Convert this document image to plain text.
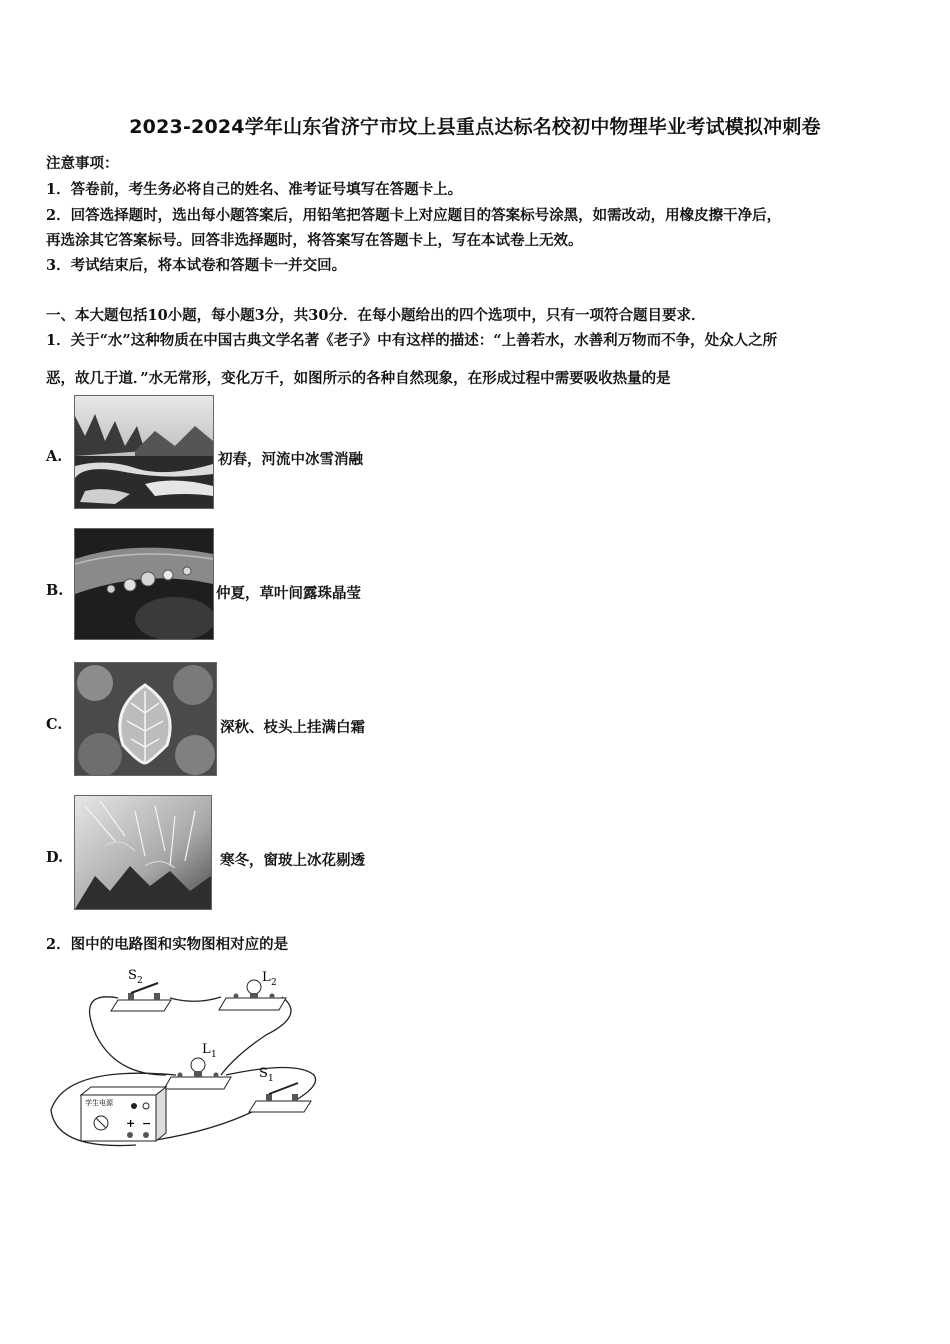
2023-2024学年山东省济宁市坟上县重点达标名校初中物理毕业考试模拟冲刺卷
注意事项：
1．答卷前，考生务必将自己的姓名、准考证号填写在答题卡上。
2．回答选择题时，选出每小题答案后，用铅笔把答题卡上对应题目的答案标号涂黑，如需改动，用橡皮擦干净后，
再选涂其它答案标号。回答非选择题时，将答案写在答题卡上，写在本试卷上无效。
3．考试结束后，将本试卷和答题卡一并交回。
一、本大题包括10小题，每小题3分，共30分．在每小题给出的四个选项中，只有一项符合题目要求．
1．关于“水”这种物质在中国古典文学名著《老子》中有这样的描述：“上善若水，水善利万物而不争，处众人之所
恶，故几于道．”水无常形，变化万千，如图所示的各种自然现象，在形成过程中需要吸收热量的是
A.	初春，河流中冰雪消融
B.	仲夏，草叶间露珠晶莹
C.	深秋、枝头上挂满白霜
D.	寒冬，窗玻上冰花剔透
2．图中的电路图和实物图相对应的是
S 2	L 2
L 1
S 1
学生电源
+ −
